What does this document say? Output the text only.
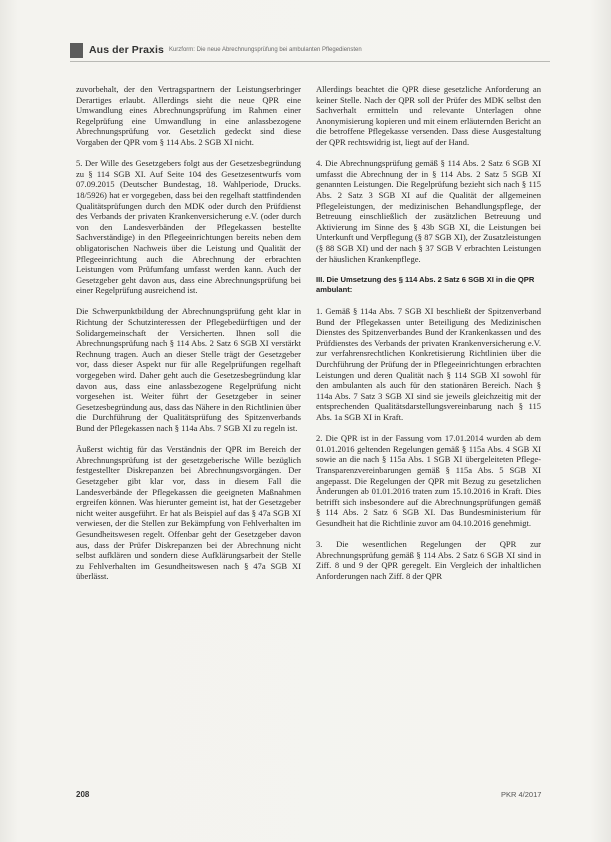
Aus der Praxis Kurzform: Die neue Abrechnungsprüfung bei ambulanten Pflegediensten

zuvorbehalt, der den Vertragspartnern der Leistungserbringer Derartiges erlaubt. Allerdings sieht die neue QPR eine Umwandlung eines Abrechnungsprüfung im Rahmen einer Regelprüfung eine Umwandlung in eine anlassbezogene Abrechnungsprüfung vor. Gesetzlich gedeckt sind diese Vorgaben der QPR vom § 114 Abs. 2 SGB XI nicht.

5. Der Wille des Gesetzgebers folgt aus der Gesetzesbegründung zu § 114 SGB XI. Auf Seite 104 des Gesetzesentwurfs vom 07.09.2015 (Deutscher Bundestag, 18. Wahlperiode, Drucks. 18/5926) hat er vorgegeben, dass bei den regelhaft stattfindenden Qualitätsprüfungen durch den MDK oder durch den Prüfdienst des Verbands der privaten Krankenversicherung e.V. (oder durch von den Landesverbänden der Pflegekassen bestellte Sachverständige) in den Pflegeeinrichtungen bereits neben dem obligatorischen Nachweis über die Leistung und Qualität der Pflegeeinrichtung auch die Abrechnung der erbrachten Leistungen vom Prüfumfang umfasst werden kann. Auch der Gesetzgeber geht davon aus, dass eine Abrechnungsprüfung bei einer Regelprüfung ausreichend ist.

Die Schwerpunktbildung der Abrechnungsprüfung geht klar in Richtung der Schutzinteressen der Pflegebedürftigen und der Solidargemeinschaft der Versicherten. Ihnen soll die Abrechnungsprüfung nach § 114 Abs. 2 Satz 6 SGB XI verstärkt Rechnung tragen. Auch an dieser Stelle trägt der Gesetzgeber vor, dass dieser Aspekt nur für alle Regelprüfungen regelhaft vorgegeben wird. Daher geht auch die Gesetzesbegründung klar davon aus, dass eine anlassbezogene Regelprüfung nicht vorgesehen ist. Weiter führt der Gesetzgeber in seiner Gesetzesbegründung aus, dass das Nähere in den Richtlinien über die Durchführung der Qualitätsprüfung des Spitzenverbands Bund der Pflegekassen nach § 114a Abs. 7 SGB XI zu regeln ist.

Äußerst wichtig für das Verständnis der QPR im Bereich der Abrechnungsprüfung ist der gesetzgeberische Wille bezüglich festgestellter Diskrepanzen bei Abrechnungsvorgängen. Der Gesetzgeber gibt klar vor, dass in diesem Fall die Landesverbände der Pflegekassen die geeigneten Maßnahmen ergreifen können. Was hierunter gemeint ist, hat der Gesetzgeber nicht weiter ausgeführt. Er hat als Beispiel auf das § 47a SGB XI verwiesen, der die Stellen zur Bekämpfung von Fehlverhalten im Gesundheitswesen regelt. Offenbar geht der Gesetzgeber davon aus, dass der Prüfer Diskrepanzen bei der Abrechnung nicht selbst aufklären und sondern diese Aufklärungsarbeit der Stelle zu Fehlverhalten im Gesundheitswesen nach § 47a SGB XI überlässt.

Allerdings beachtet die QPR diese gesetzliche Anforderung an keiner Stelle. Nach der QPR soll der Prüfer des MDK selbst den Sachverhalt ermitteln und relevante Unterlagen ohne Anonymisierung kopieren und mit einem erläuternden Bericht an die betroffene Pflegekasse versenden. Dass diese Ausgestaltung der QPR rechtswidrig ist, liegt auf der Hand.

4. Die Abrechnungsprüfung gemäß § 114 Abs. 2 Satz 6 SGB XI umfasst die Abrechnung der in § 114 Abs. 2 Satz 5 SGB XI genannten Leistungen. Die Regelprüfung bezieht sich nach § 115 Abs. 2 Satz 3 SGB XI auf die Qualität der allgemeinen Pflegeleistungen, der medizinischen Behandlungspflege, der Betreuung einschließlich der zusätzlichen Betreuung und Aktivierung im Sinne des § 43b SGB XI, die Leistungen bei Unterkunft und Verpflegung (§ 87 SGB XI), der Zusatzleistungen (§ 88 SGB XI) und der nach § 37 SGB V erbrachten Leistungen der häuslichen Krankenpflege.

III. Die Umsetzung des § 114 Abs. 2 Satz 6 SGB XI in die QPR ambulant:

1. Gemäß § 114a Abs. 7 SGB XI beschließt der Spitzenverband Bund der Pflegekassen unter Beteiligung des Medizinischen Dienstes des Spitzenverbandes Bund der Krankenkassen und des Prüfdienstes des Verbands der privaten Krankenversicherung e.V. zur verfahrensrechtlichen Konkretisierung Richtlinien über die Durchführung der Prüfung der in Pflegeeinrichtungen erbrachten Leistungen und deren Qualität nach § 114 SGB XI sowohl für den ambulanten als auch für den stationären Bereich. Nach § 114a Abs. 7 Satz 3 SGB XI sind sie jeweils gleichzeitig mit der entsprechenden Qualitätsdarstellungsvereinbarung nach § 115 Abs. 1a SGB XI in Kraft.

2. Die QPR ist in der Fassung vom 17.01.2014 wurden ab dem 01.01.2016 geltenden Regelungen gemäß § 115a Abs. 4 SGB XI sowie an die nach § 115a Abs. 1 SGB XI übergeleiteten Pflege-Transparenzvereinbarungen gemäß § 115a Abs. 5 SGB XI angepasst. Die Regelungen der QPR mit Bezug zu gesetzlichen Änderungen ab 01.01.2016 traten zum 15.10.2016 in Kraft. Dies betrifft sich insbesondere auf die Abrechnungsprüfungen gemäß § 114 Abs. 2 Satz 6 SGB XI. Das Bundesministerium für Gesundheit hat die Richtlinie zuvor am 04.10.2016 genehmigt.

3. Die wesentlichen Regelungen der QPR zur Abrechnungsprüfung gemäß § 114 Abs. 2 Satz 6 SGB XI sind in Ziff. 8 und 9 der QPR geregelt. Ein Vergleich der inhaltlichen Anforderungen nach Ziff. 8 der QPR

208	PKR 4/2017
